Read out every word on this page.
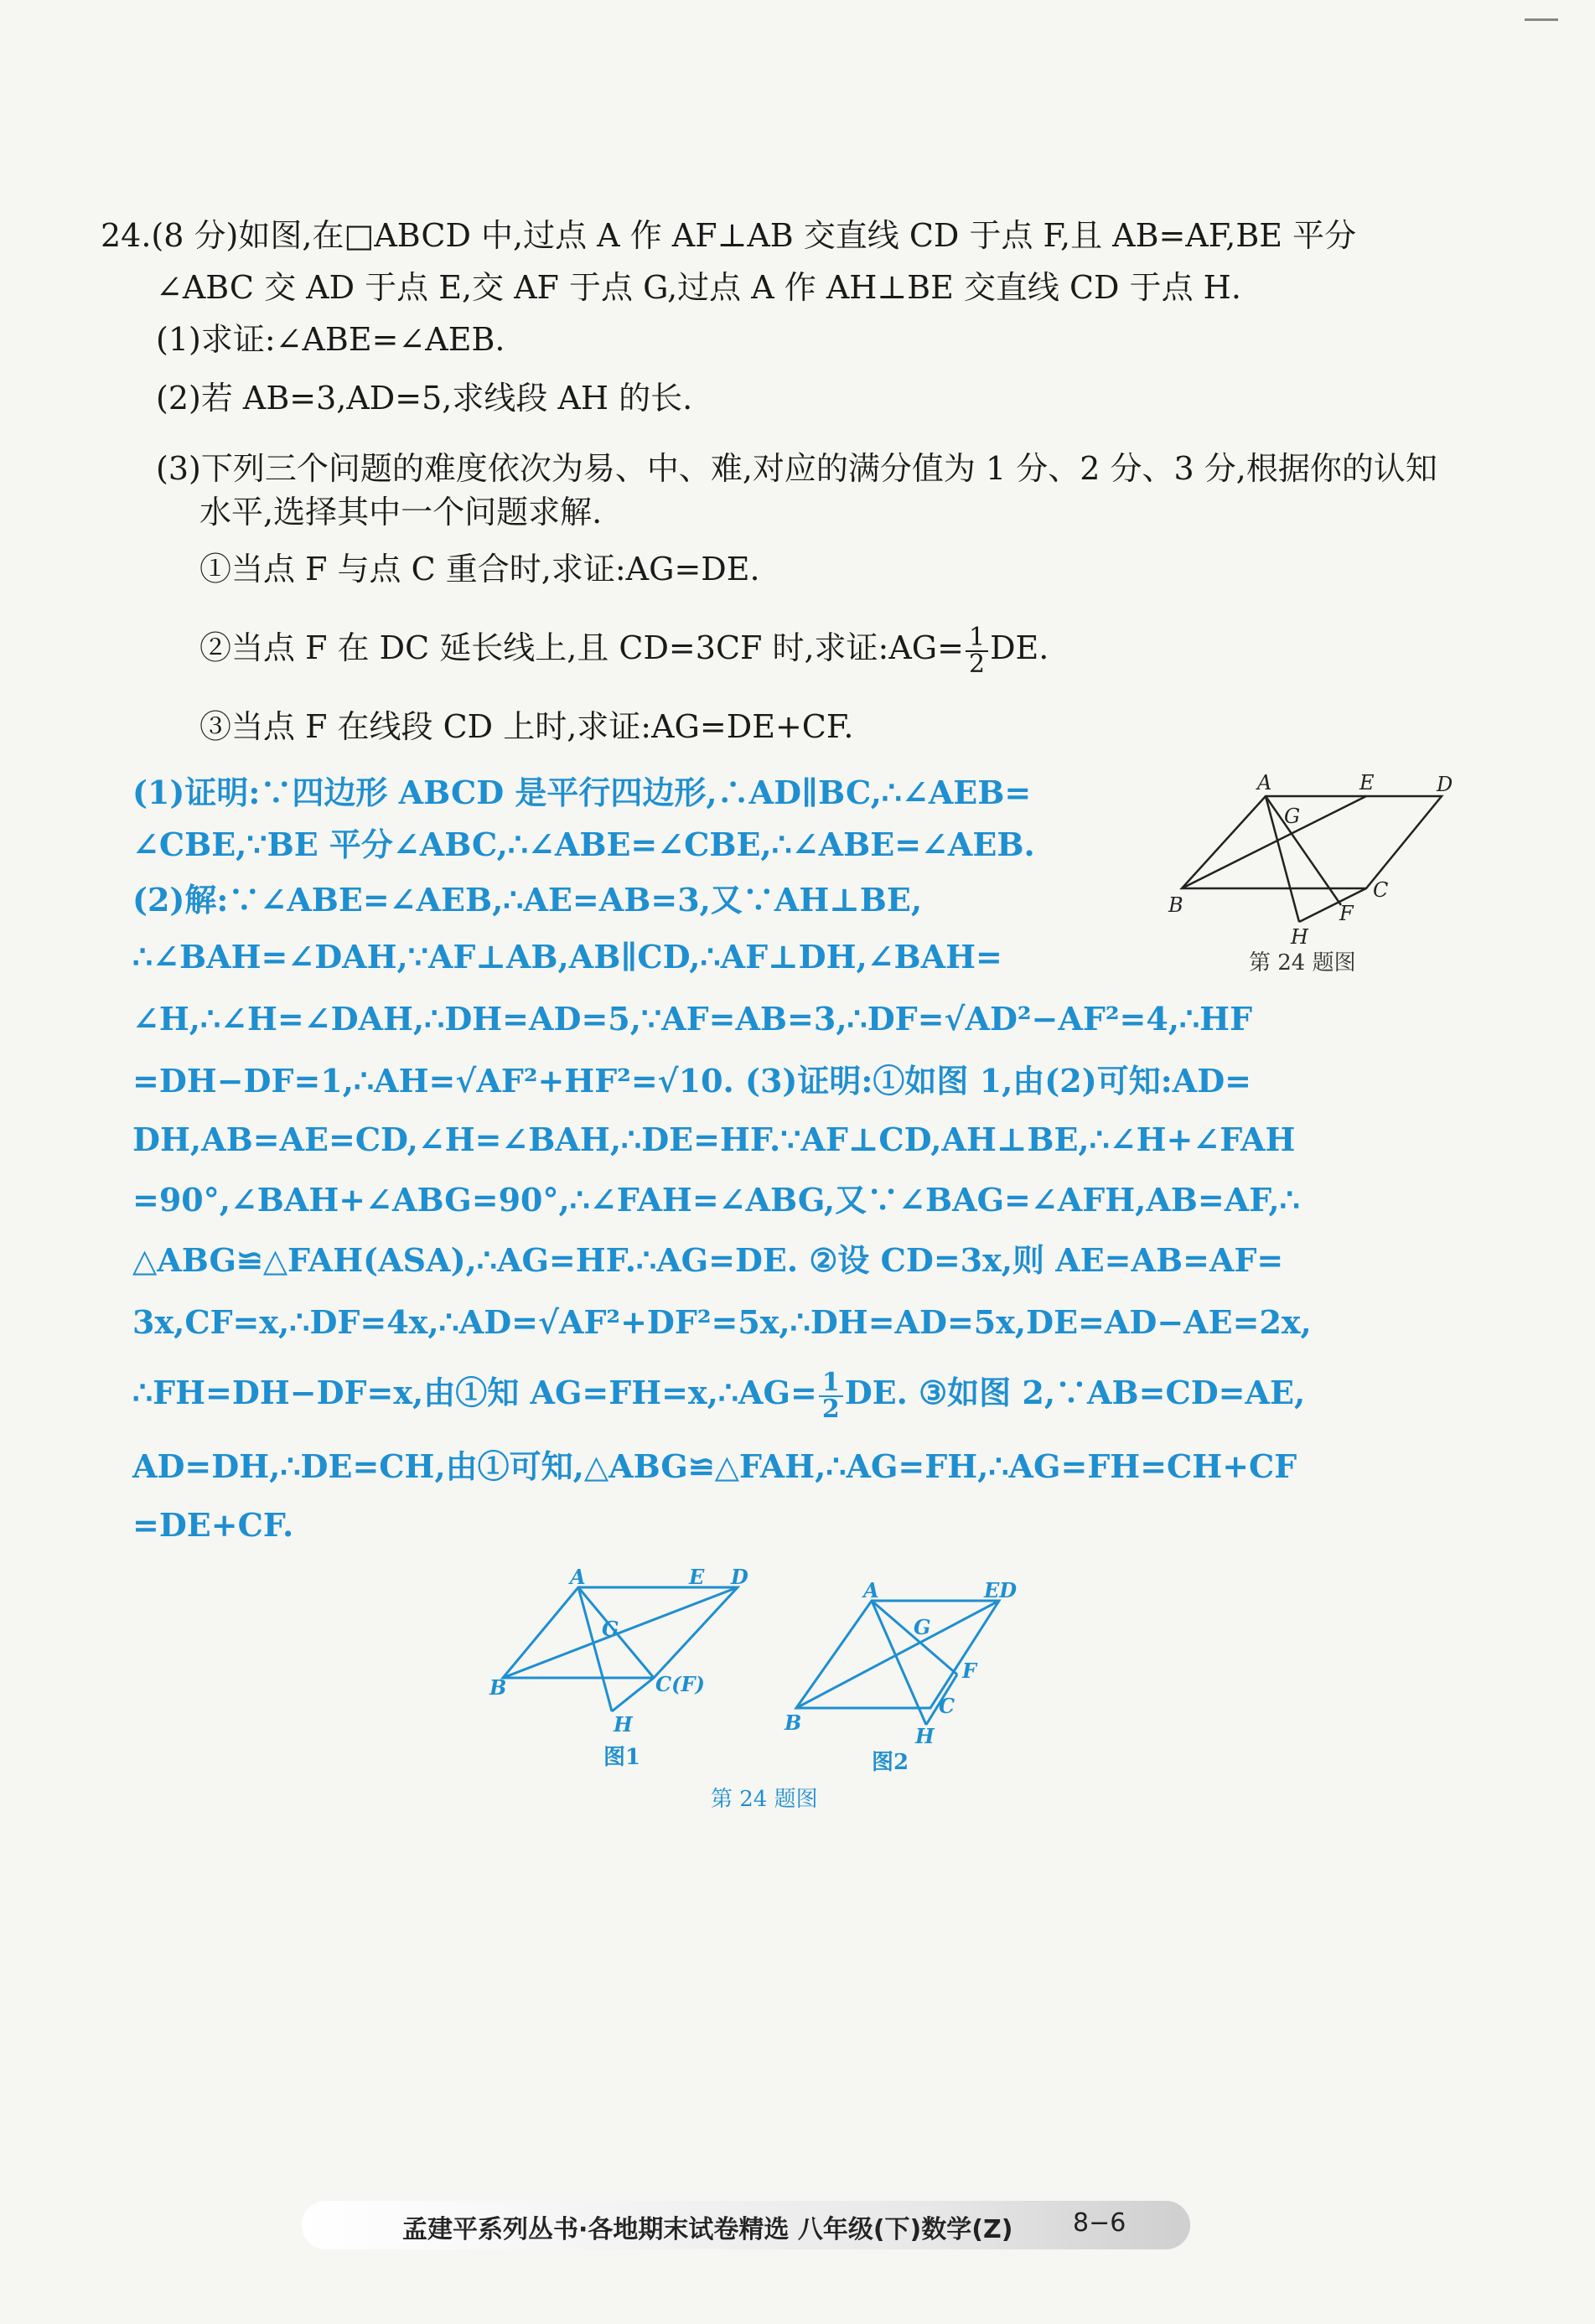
24.(8 分)如图,在□ABCD 中,过点 A 作 AF⊥AB 交直线 CD 于点 F,且 AB=AF,BE 平分
∠ABC 交 AD 于点 E,交 AF 于点 G,过点 A 作 AH⊥BE 交直线 CD 于点 H.
(1)求证:∠ABE=∠AEB.
(2)若 AB=3,AD=5,求线段 AH 的长.
(3)下列三个问题的难度依次为易、中、难,对应的满分值为 1 分、2 分、3 分,根据你的认知
水平,选择其中一个问题求解.
①当点 F 与点 C 重合时,求证:AG=DE.
②当点 F 在 DC 延长线上,且 CD=3CF 时,求证:AG= $\frac{1}{2}$ DE.
③当点 F 在线段 CD 上时,求证:AG=DE+CF.
A	E	D
G
B
C
F
H
第 24 题图
(1)证明:∵四边形 ABCD 是平行四边形,∴AD∥BC,∴∠AEB=
∠CBE,∵BE 平分∠ABC,∴∠ABE=∠CBE,∴∠ABE=∠AEB.
(2)解:∵∠ABE=∠AEB,∴AE=AB=3,又∵AH⊥BE,
∴∠BAH=∠DAH,∵AF⊥AB,AB∥CD,∴AF⊥DH,∠BAH=
∠H,∴∠H=∠DAH,∴DH=AD=5,∵AF=AB=3,∴DF=√AD²−AF²=4,∴HF
=DH−DF=1,∴AH=√AF²+HF²=√10. (3)证明:①如图 1,由(2)可知:AD=
DH,AB=AE=CD,∠H=∠BAH,∴DE=HF.∵AF⊥CD,AH⊥BE,∴∠H+∠FAH
=90°,∠BAH+∠ABG=90°,∴∠FAH=∠ABG,又∵∠BAG=∠AFH,AB=AF,∴
△ABG≌△FAH(ASA),∴AG=HF.∴AG=DE. ②设 CD=3x,则 AE=AB=AF=
3x,CF=x,∴DF=4x,∴AD=√AF²+DF²=5x,∴DH=AD=5x,DE=AD−AE=2x,
∴FH=DH−DF=x,由①知 AG=FH=x,∴AG= $\frac{1}{2}$ DE. ③如图 2,∵AB=CD=AE,
AD=DH,∴DE=CH,由①可知,△ABG≌△FAH,∴AG=FH,∴AG=FH=CH+CF
=DE+CF.
A	E D
G
B	C(F)
H
图1
A	ED
G
F
C
B
H
图2
第 24 题图
孟建平系列丛书·各地期末试卷精选 八年级(下)数学(Z) 8−6
